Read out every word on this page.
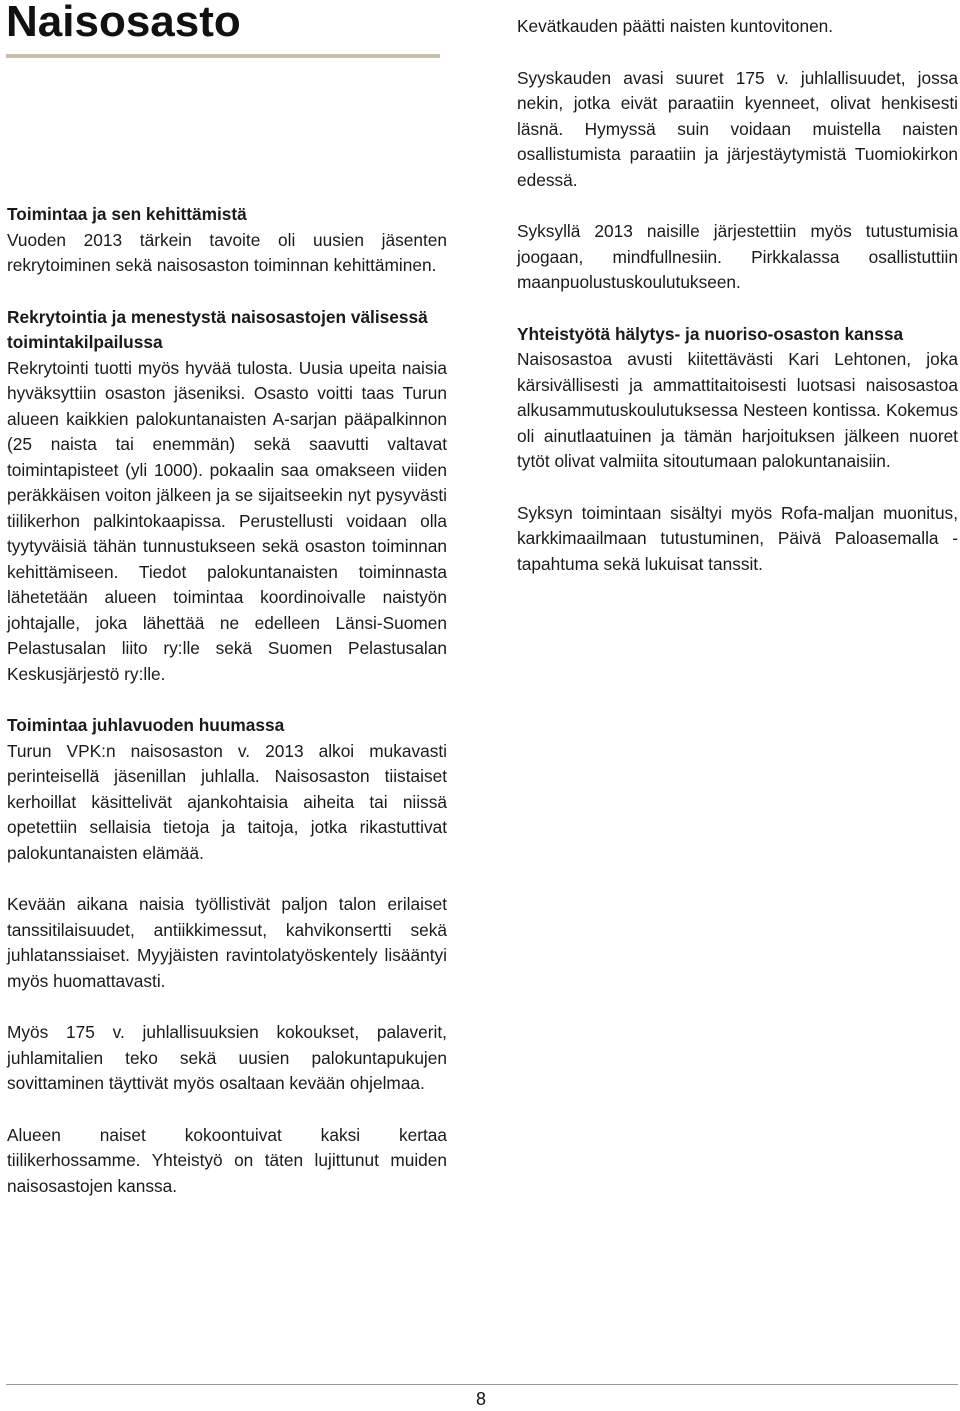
Naisosasto
Toimintaa ja sen kehittämistä

Vuoden 2013 tärkein tavoite oli uusien jäsenten rekrytoiminen sekä naisosaston toiminnan kehittäminen.

Rekrytointia ja menestystä naisosastojen välisessä toimintakilpailussa

Rekrytointi tuotti myös hyvää tulosta. Uusia upeita naisia hyväksyttiin osaston jäseniksi. Osasto voitti taas Turun alueen kaikkien palokuntanaisten A-sarjan pääpalkinnon (25 naista tai enemmän) sekä saavutti valtavat toimintapisteet (yli 1000). pokaalin saa omakseen viiden peräkkäisen voiton jälkeen ja se sijaitseekin nyt pysyvästi tiilikerhon palkintokaapissa. Perustellusti voidaan olla tyytyväisiä tähän tunnustukseen sekä osaston toiminnan kehittämiseen. Tiedot palokuntanaisten toiminnasta lähetetään alueen toimintaa koordinoivalle naistyön johtajalle, joka lähettää ne edelleen Länsi-Suomen Pelastusalan liito ry:lle sekä Suomen Pelastusalan Keskusjärjestö ry:lle.

Toimintaa juhlavuoden huumassa

Turun VPK:n naisosaston v. 2013 alkoi mukavasti perinteisellä jäsenillan juhlalla. Naisosaston tiistaiset kerhoillat käsittelivät ajankohtaisia aiheita tai niissä opetettiin sellaisia tietoja ja taitoja, jotka rikastuttivat palokuntanaisten elämää.

Kevään aikana naisia työllistivät paljon talon erilaiset tanssitilaisuudet, antiikkimessut, kahvikonsertti sekä juhlatanssiaiset. Myyjäisten ravintolatyöskentely lisääntyi myös huomattavasti.

Myös 175 v. juhlallisuuksien kokoukset, palaverit, juhlamitalien teko sekä uusien palokuntapukujen sovittaminen täyttivät myös osaltaan kevään ohjelmaa.

Alueen naiset kokoontuivat kaksi kertaa tiilikerhossamme. Yhteistyö on täten lujittunut muiden naisosastojen kanssa.

Kevätkauden päätti naisten kuntovitonen.

Syyskauden avasi suuret 175 v. juhlallisuudet, jossa nekin, jotka eivät paraatiin kyenneet, olivat henkisesti läsnä. Hymyssä suin voidaan muistella naisten osallistumista paraatiin ja järjestäytymistä Tuomiokirkon edessä.

Syksyllä 2013 naisille järjestettiin myös tutustumisia joogaan, mindfullnesiin. Pirkkalassa osallistuttiin maanpuolustuskoulutukseen.

Yhteistyötä hälytys- ja nuoriso-osaston kanssa

Naisosastoa avusti kiitettävästi Kari Lehtonen, joka kärsivällisesti ja ammattitaitoisesti luotsasi naisosastoa alkusammutuskoulutuksessa Nesteen kontissa. Kokemus oli ainutlaatuinen ja tämän harjoituksen jälkeen nuoret tytöt olivat valmiita sitoutumaan palokuntanaisiin.

Syksyn toimintaan sisältyi myös Rofa-maljan muonitus, karkkimaailmaan tutustuminen, Päivä Paloasemalla -tapahtuma sekä lukuisat tanssit.

8
